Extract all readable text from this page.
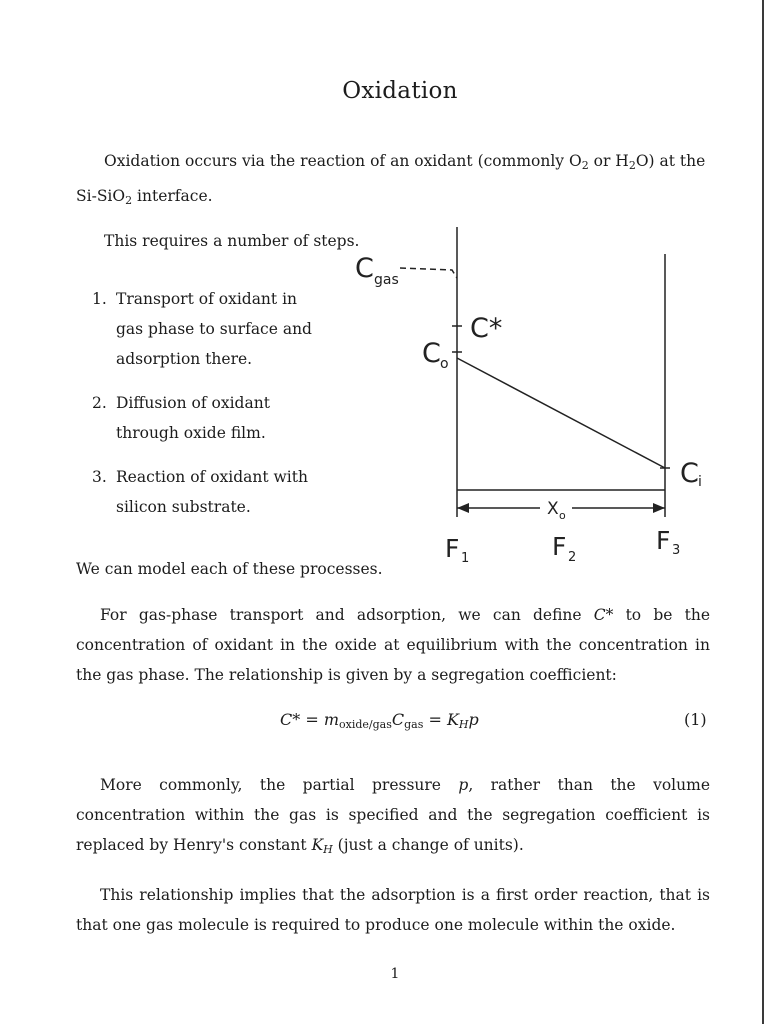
Oxidation
Oxidation occurs via the reaction of an oxidant (commonly $O_2$ or $H_2O$) at the Si-SiO$_2$ interface.
This requires a number of steps.
1. Transport of oxidant in
gas phase to surface and
adsorption there.
2. Diffusion of oxidant
through oxide film.
3. Reaction of oxidant with
silicon substrate.
C gas
C*
C o
C i
X o
F 1	F 2
F 3
We can model each of these processes.
For gas-phase transport and adsorption, we can define C* to be the concentration of oxidant in the oxide at equilibrium with the concentration in the gas phase. The relationship is given by a segregation coefficient:
$C* = m_{oxide/gas}C_{gas} = K_Hp$	(1)
More commonly, the partial pressure p, rather than the volume concentration within the gas is specified and the segregation coefficient is replaced by Henry's constant $K_H$ (just a change of units).
This relationship implies that the adsorption is a first order reaction, that is that one gas molecule is required to produce one molecule within the oxide.
1
